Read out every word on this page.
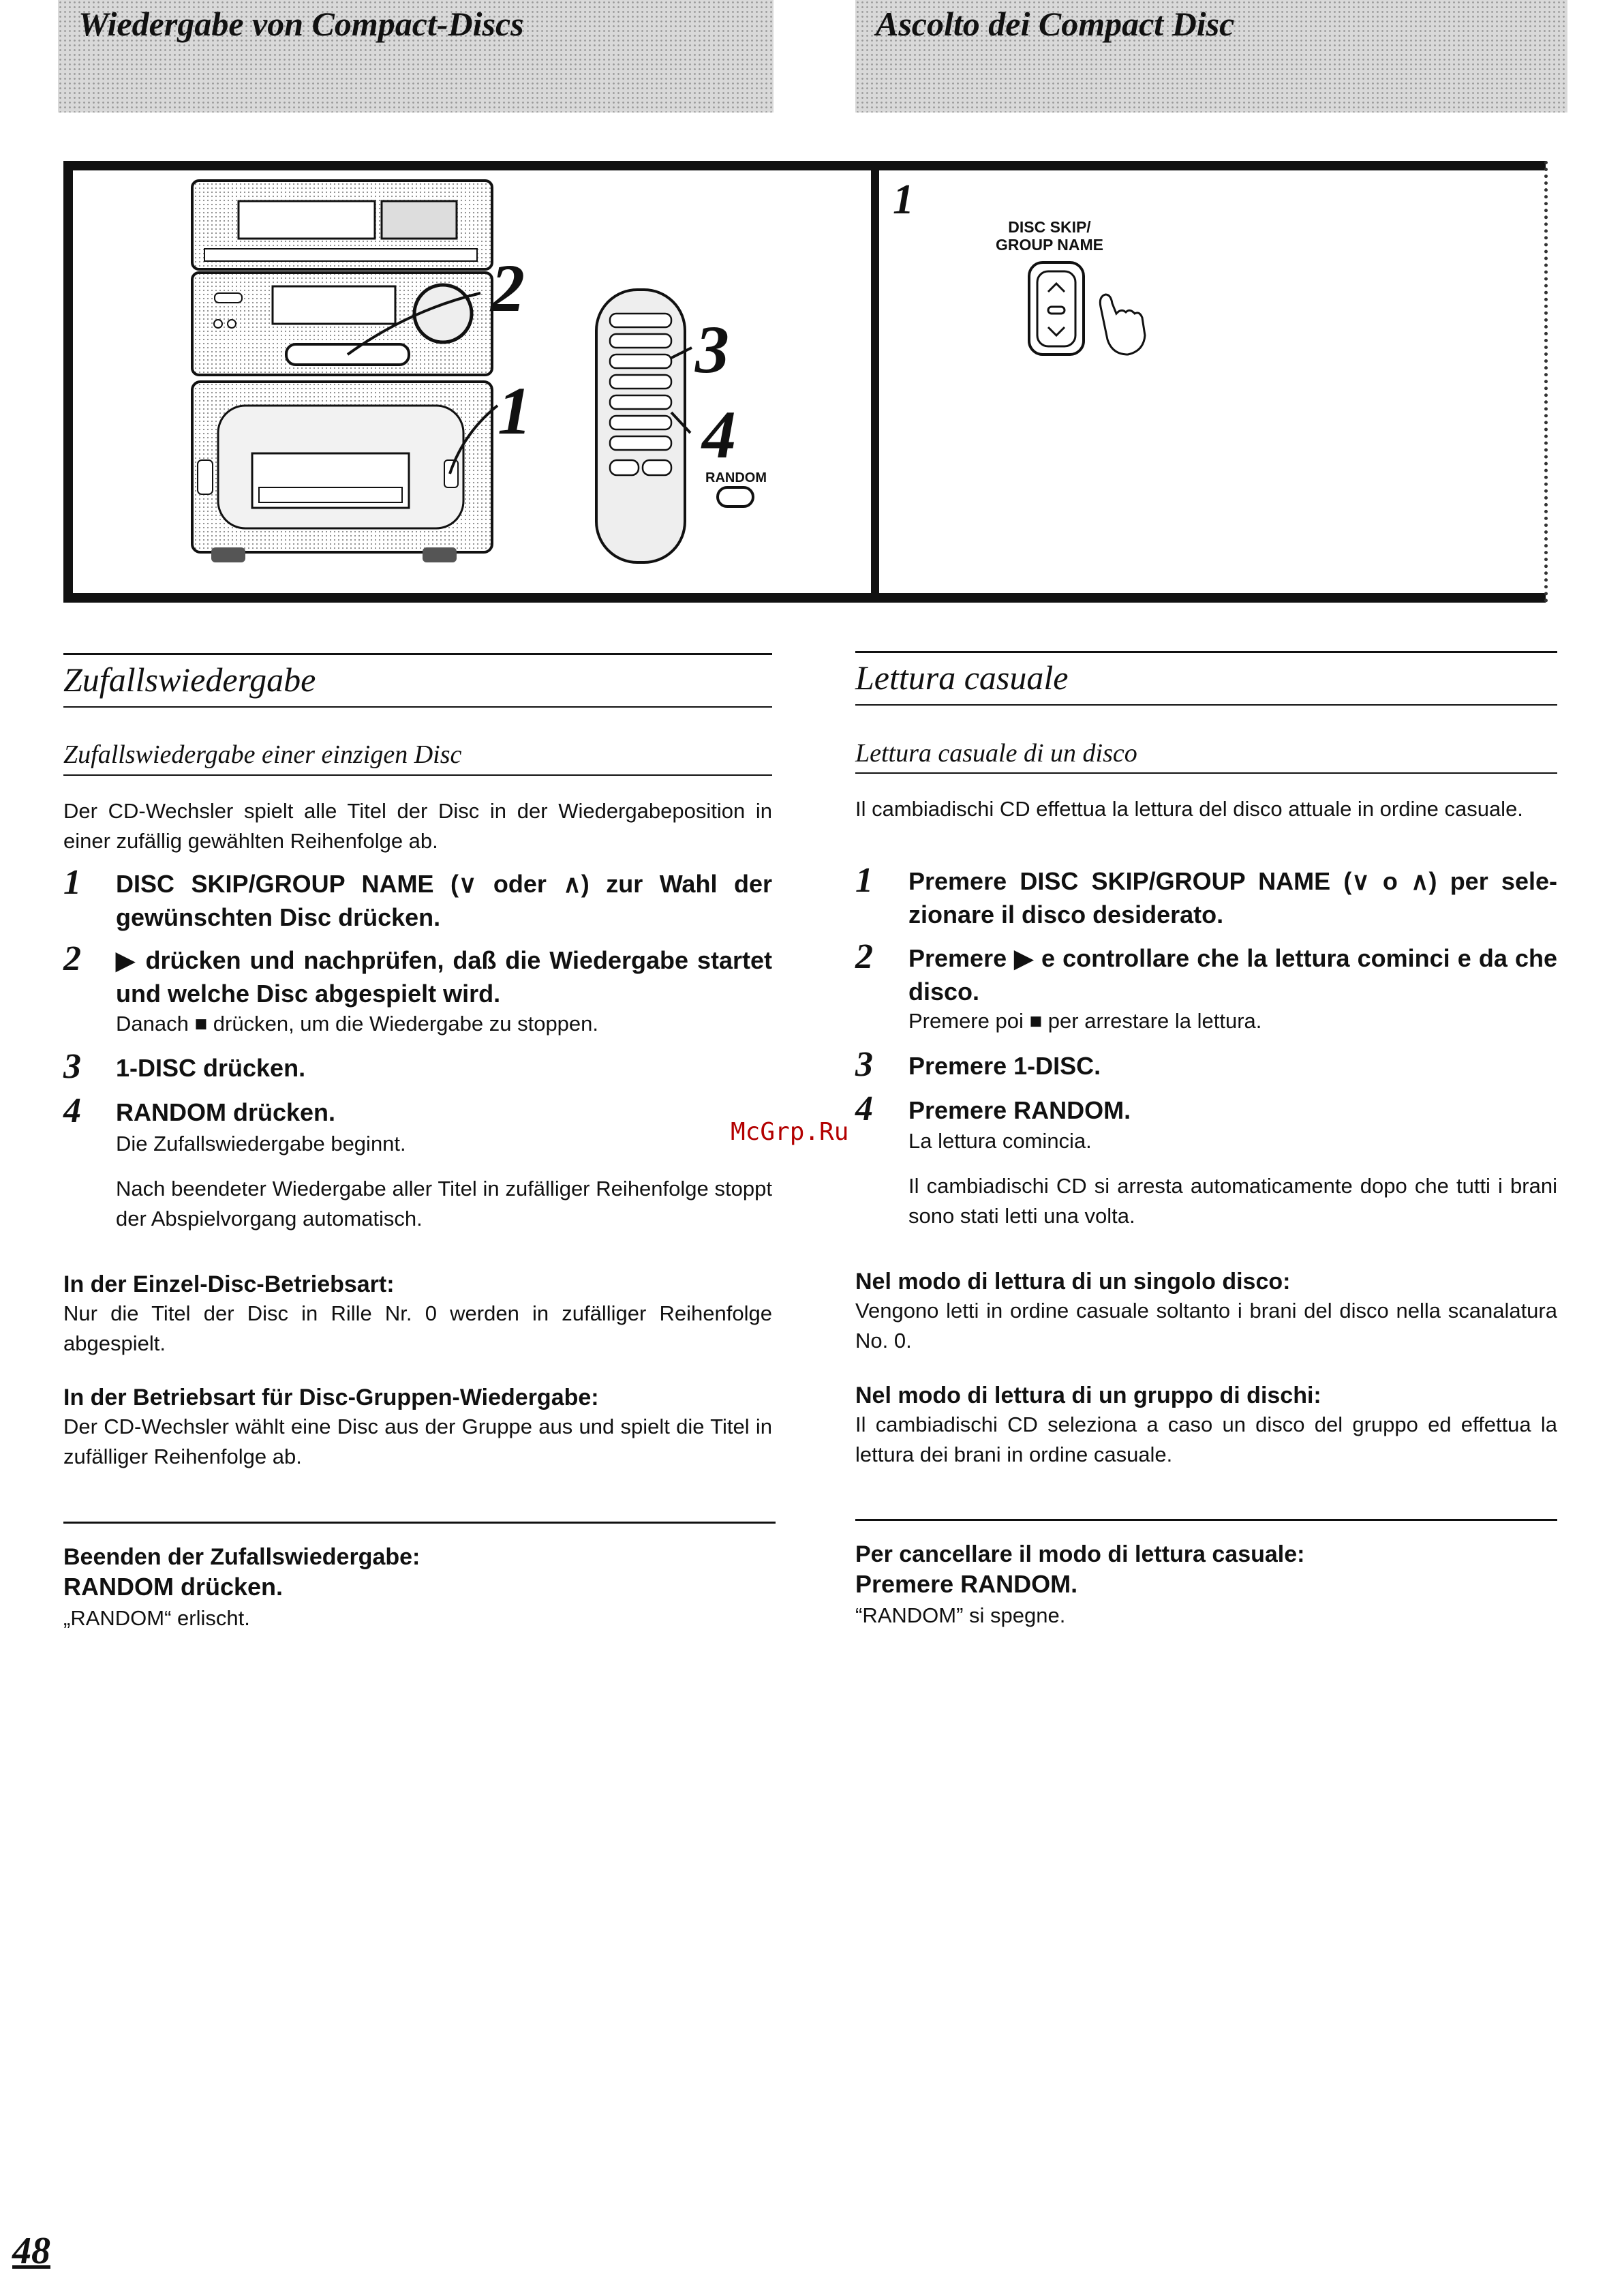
Wiedergabe von Compact-Discs	Ascolto dei Compact Disc
2
1
3
4
RANDOM
1
DISC SKIP/
GROUP NAME
Zufallswiedergabe
Zufallswiedergabe einer einzigen Disc
Der CD-Wechsler spielt alle Titel der Disc in der Wiedergabeposition in einer zufällig gewählten Reihenfolge ab.
1 DISC SKIP/GROUP NAME (∨ oder ∧) zur Wahl der gewünschten Disc drücken.
2 ▶ drücken und nachprüfen, daß die Wiedergabe startet und welche Disc abgespielt wird.
Danach ■ drücken, um die Wiedergabe zu stoppen.
3 1-DISC drücken.
4 RANDOM drücken.
Die Zufallswiedergabe beginnt.
Nach beendeter Wiedergabe aller Titel in zufälliger Reihenfolge stoppt der Abspielvorgang automatisch.
In der Einzel-Disc-Betriebsart:
Nur die Titel der Disc in Rille Nr. 0 werden in zufälliger Reihenfolge abgespielt.
In der Betriebsart für Disc-Gruppen-Wiedergabe:
Der CD-Wechsler wählt eine Disc aus der Gruppe aus und spielt die Titel in zufälliger Reihenfolge ab.
Beenden der Zufallswiedergabe:
RANDOM drücken.
„RANDOM“ erlischt.
Lettura casuale
Lettura casuale di un disco
Il cambiadischi CD effettua la lettura del disco attuale in ordine casuale.
1 Premere DISC SKIP/GROUP NAME (∨ o ∧) per sele-zionare il disco desiderato.
2 Premere ▶ e controllare che la lettura cominci e da che disco.
Premere poi ■ per arrestare la lettura.
3 Premere 1-DISC.
4 Premere RANDOM.
La lettura comincia.
Il cambiadischi CD si arresta automaticamente dopo che tutti i brani sono stati letti una volta.
Nel modo di lettura di un singolo disco:
Vengono letti in ordine casuale soltanto i brani del disco nella scanalatura No. 0.
Nel modo di lettura di un gruppo di dischi:
Il cambiadischi CD seleziona a caso un disco del gruppo ed effettua la lettura dei brani in ordine casuale.
Per cancellare il modo di lettura casuale:
Premere RANDOM.
“RANDOM” si spegne.
McGrp.Ru
48
